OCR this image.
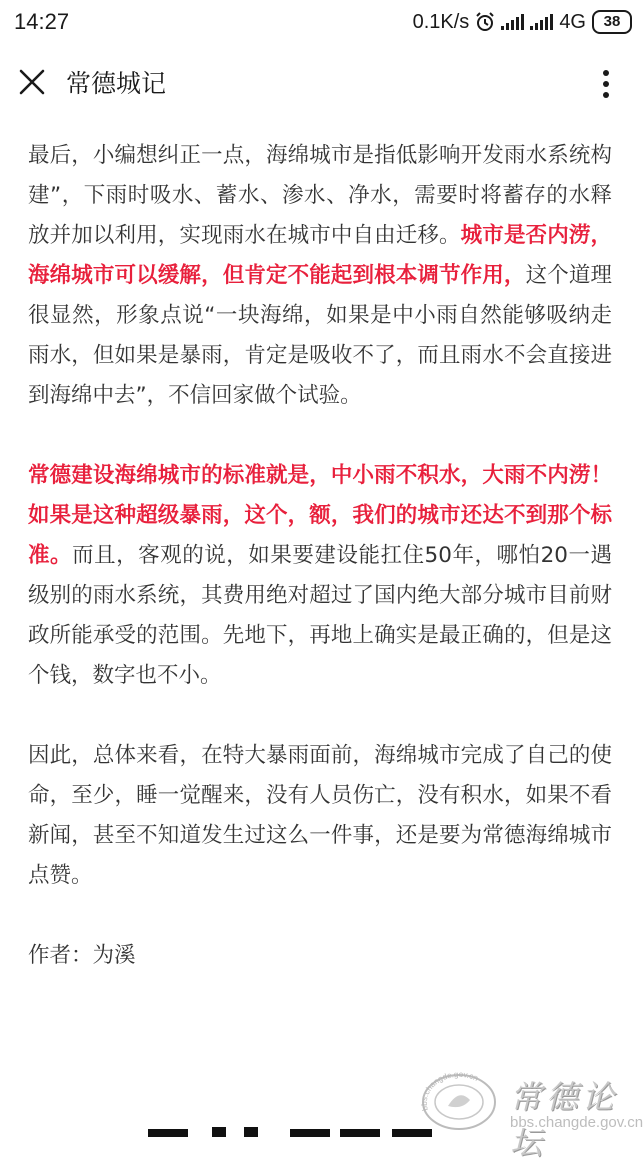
14:27	0.1K/s	4G	38
常德城记

最后，小编想纠正一点，海绵城市是指低影响开发雨水系统构建”，下雨时吸水、蓄水、渗水、净水，需要时将蓄存的水释放并加以利用，实现雨水在城市中自由迁移。城市是否内涝，海绵城市可以缓解，但肯定不能起到根本调节作用，这个道理很显然，形象点说“一块海绵，如果是中小雨自然能够吸纳走雨水，但如果是暴雨，肯定是吸收不了，而且雨水不会直接进到海绵中去”，不信回家做个试验。

常德建设海绵城市的标准就是，中小雨不积水，大雨不内涝！如果是这种超级暴雨，这个，额，我们的城市还达不到那个标准。而且，客观的说，如果要建设能扛住50年，哪怕20一遇级别的雨水系统，其费用绝对超过了国内绝大部分城市目前财政所能承受的范围。先地下，再地上确实是最正确的，但是这个钱，数字也不小。

因此，总体来看，在特大暴雨面前，海绵城市完成了自己的使命，至少，睡一觉醒来，没有人员伤亡，没有积水，如果不看新闻，甚至不知道发生过这么一件事，还是要为常德海绵城市点赞。

作者：为溪

bbs.changde.gov.cn
常德论坛
bbs.changde.gov.cn
